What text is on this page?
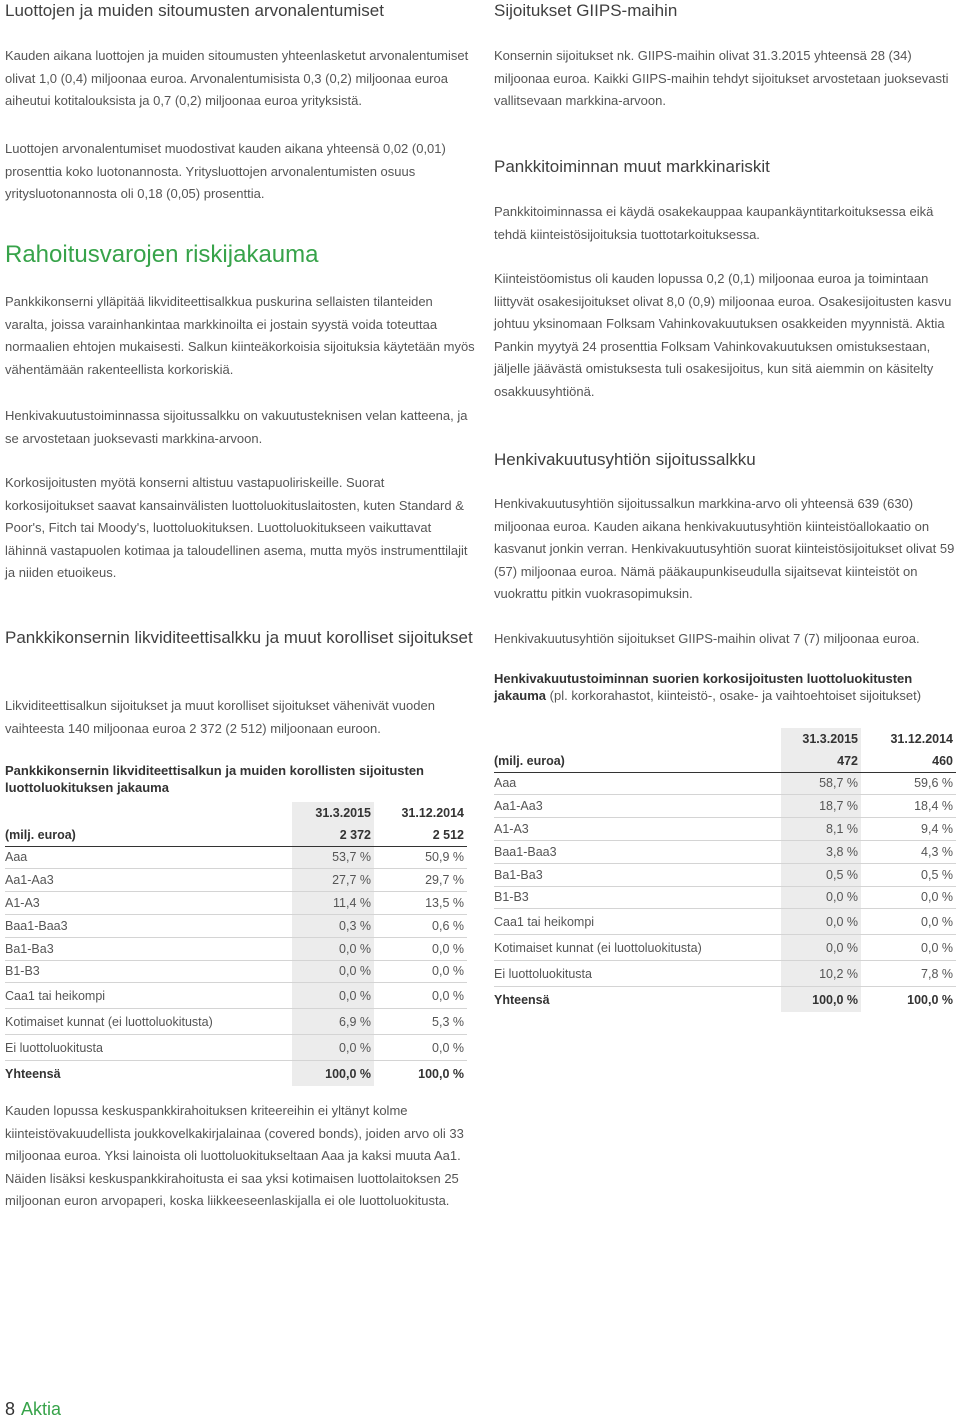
Luottojen ja muiden sitoumusten arvonalentumiset

Kauden aikana luottojen ja muiden sitoumusten yhteenlasketut arvonalentumiset olivat 1,0 (0,4) miljoonaa euroa. Arvonalentumisista 0,3 (0,2) miljoonaa euroa aiheutui kotitalouksista ja 0,7 (0,2) miljoonaa euroa yrityksistä.

Luottojen arvonalentumiset muodostivat kauden aikana yhteensä 0,02 (0,01) prosenttia koko luotonannosta. Yritysluottojen arvonalentumisten osuus yritysluotonannosta oli 0,18 (0,05) prosenttia.

Rahoitusvarojen riskijakauma

Pankkikonserni ylläpitää likviditeettisalkkua puskurina sellaisten tilanteiden varalta, joissa varainhankintaa markkinoilta ei jostain syystä voida toteuttaa normaalien ehtojen mukaisesti. Salkun kiinteäkorkoisia sijoituksia käytetään myös vähentämään rakenteellista korkoriskiä.

Henkivakuutustoiminnassa sijoitussalkku on vakuutusteknisen velan katteena, ja se arvostetaan juoksevasti markkina-arvoon.

Korkosijoitusten myötä konserni altistuu vastapuoliriskeille. Suorat korkosijoitukset saavat kansainvälisten luottoluokituslaitosten, kuten Standard & Poor's, Fitch tai Moody's, luottoluokituksen. Luottoluokitukseen vaikuttavat lähinnä vastapuolen kotimaa ja taloudellinen asema, mutta myös instrumenttilajit ja niiden etuoikeus.

Pankkikonsernin likviditeettisalkku ja muut korolliset sijoitukset

Likviditeettisalkun sijoitukset ja muut korolliset sijoitukset vähenivät vuoden vaihteesta 140 miljoonaa euroa 2 372 (2 512) miljoonaan euroon.

Pankkikonsernin likviditeettisalkun ja muiden korollisten sijoitusten luottoluokituksen jakauma
	31.3.2015	31.12.2014
(milj. euroa)	2 372	2 512
Aaa	53,7 %	50,9 %
Aa1-Aa3	27,7 %	29,7 %
A1-A3	11,4 %	13,5 %
Baa1-Baa3	0,3 %	0,6 %
Ba1-Ba3	0,0 %	0,0 %
B1-B3	0,0 %	0,0 %
Caa1 tai heikompi	0,0 %	0,0 %
Kotimaiset kunnat (ei luottoluokitusta)	6,9 %	5,3 %
Ei luottoluokitusta	0,0 %	0,0 %
Yhteensä	100,0 %	100,0 %

Kauden lopussa keskuspankkirahoituksen kriteereihin ei yltänyt kolme kiinteistövakuudellista joukkovelkakirjalainaa (covered bonds), joiden arvo oli 33 miljoonaa euroa. Yksi lainoista oli luottoluokitukseltaan Aaa ja kaksi muuta Aa1. Näiden lisäksi keskuspankkirahoitusta ei saa yksi kotimaisen luottolaitoksen 25 miljoonan euron arvopaperi, koska liikkeeseenlaskijalla ei ole luottoluokitusta.

Sijoitukset GIIPS-maihin

Konsernin sijoitukset nk. GIIPS-maihin olivat 31.3.2015 yhteensä 28 (34) miljoonaa euroa. Kaikki GIIPS-maihin tehdyt sijoitukset arvostetaan juoksevasti vallitsevaan markkina-arvoon.

Pankkitoiminnan muut markkinariskit

Pankkitoiminnassa ei käydä osakekauppaa kaupankäyntitarkoituksessa eikä tehdä kiinteistösijoituksia tuottotarkoituksessa.

Kiinteistöomistus oli kauden lopussa 0,2 (0,1) miljoonaa euroa ja toimintaan liittyvät osakesijoitukset olivat 8,0 (0,9) miljoonaa euroa. Osakesijoitusten kasvu johtuu yksinomaan Folksam Vahinkovakuutuksen osakkeiden myynnistä. Aktia Pankin myytyä 24 prosenttia Folksam Vahinkovakuutuksen omistuksestaan, jäljelle jäävästä omistuksesta tuli osakesijoitus, kun sitä aiemmin on käsitelty osakkuusyhtiönä.

Henkivakuutusyhtiön sijoitussalkku

Henkivakuutusyhtiön sijoitussalkun markkina-arvo oli yhteensä 639 (630) miljoonaa euroa. Kauden aikana henkivakuutusyhtiön kiinteistöallokaatio on kasvanut jonkin verran. Henkivakuutusyhtiön suorat kiinteistösijoitukset olivat 59 (57) miljoonaa euroa. Nämä pääkaupunkiseudulla sijaitsevat kiinteistöt on vuokrattu pitkin vuokrasopimuksin.

Henkivakuutusyhtiön sijoitukset GIIPS-maihin olivat 7 (7) miljoonaa euroa.

Henkivakuutustoiminnan suorien korkosijoitusten luottoluokitusten jakauma (pl. korkorahastot, kiinteistö-, osake- ja vaihtoehtoiset sijoitukset)
	31.3.2015	31.12.2014
(milj. euroa)	472	460
Aaa	58,7 %	59,6 %
Aa1-Aa3	18,7 %	18,4 %
A1-A3	8,1 %	9,4 %
Baa1-Baa3	3,8 %	4,3 %
Ba1-Ba3	0,5 %	0,5 %
B1-B3	0,0 %	0,0 %
Caa1 tai heikompi	0,0 %	0,0 %
Kotimaiset kunnat (ei luottoluokitusta)	0,0 %	0,0 %
Ei luottoluokitusta	10,2 %	7,8 %
Yhteensä	100,0 %	100,0 %
8 Aktia
